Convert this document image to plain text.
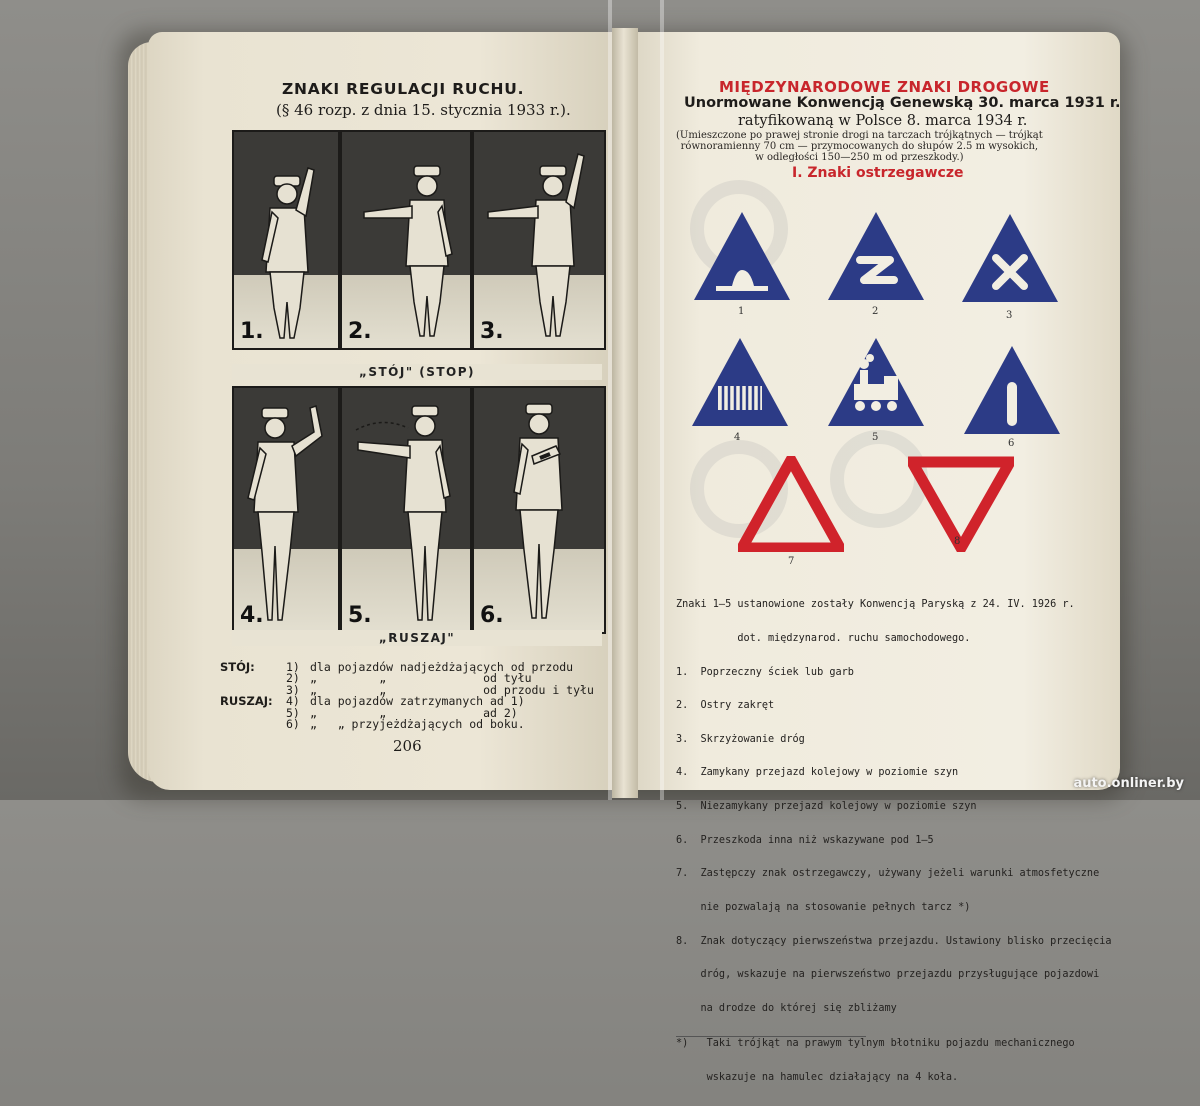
ZNAKI REGULACJI RUCHU.
(§ 46 rozp. z dnia 15. stycznia 1933 r.).
1.	2.	3.
„STÓJ" (STOP)
4.	5.	6.
„RUSZAJ"
STÓJ:	1) dla pojazdów nadjeżdżających od przodu
2) „         „              od tyłu
3) „         „              od przodu i tyłu
RUSZAJ:	4) dla pojazdów zatrzymanych ad 1)
5) „         „              ad 2)
6) „   „ przyjeżdżających od boku.
206
MIĘDZYNARODOWE ZNAKI DROGOWE
Unormowane Konwencją Genewską 30. marca 1931 r.
ratyfikowaną w Polsce 8. marca 1934 r.
(Umieszczone po prawej stronie drogi na tarczach trójkątnych — trójkąt
równoramienny 70 cm — przymocowanych do słupów 2.5 m wysokich,
w odległości 150—250 m od przeszkody.)
I. Znaki ostrzegawcze
1	2	3
4	5
6
7
8

Znaki 1—5 ustanowione zostały Konwencją Paryską z 24. IV. 1926 r.

dot. międzynarod. ruchu samochodowego.

1.  Poprzeczny ściek lub garb

2.  Ostry zakręt

3.  Skrzyżowanie dróg

4.  Zamykany przejazd kolejowy w poziomie szyn

5.  Niezamykany przejazd kolejowy w poziomie szyn

6.  Przeszkoda inna niż wskazywane pod 1—5

7.  Zastępczy znak ostrzegawczy, używany jeżeli warunki atmosfetyczne

nie pozwalają na stosowanie pełnych tarcz *)

8.  Znak dotyczący pierwszeństwa przejazdu. Ustawiony blisko przecięcia

dróg, wskazuje na pierwszeństwo przejazdu przysługujące pojazdowi

na drodze do której się zbliżamy

*)   Taki trójkąt na prawym tylnym błotniku pojazdu mechanicznego

wskazuje na hamulec działający na 4 koła.

auto.onliner.by
